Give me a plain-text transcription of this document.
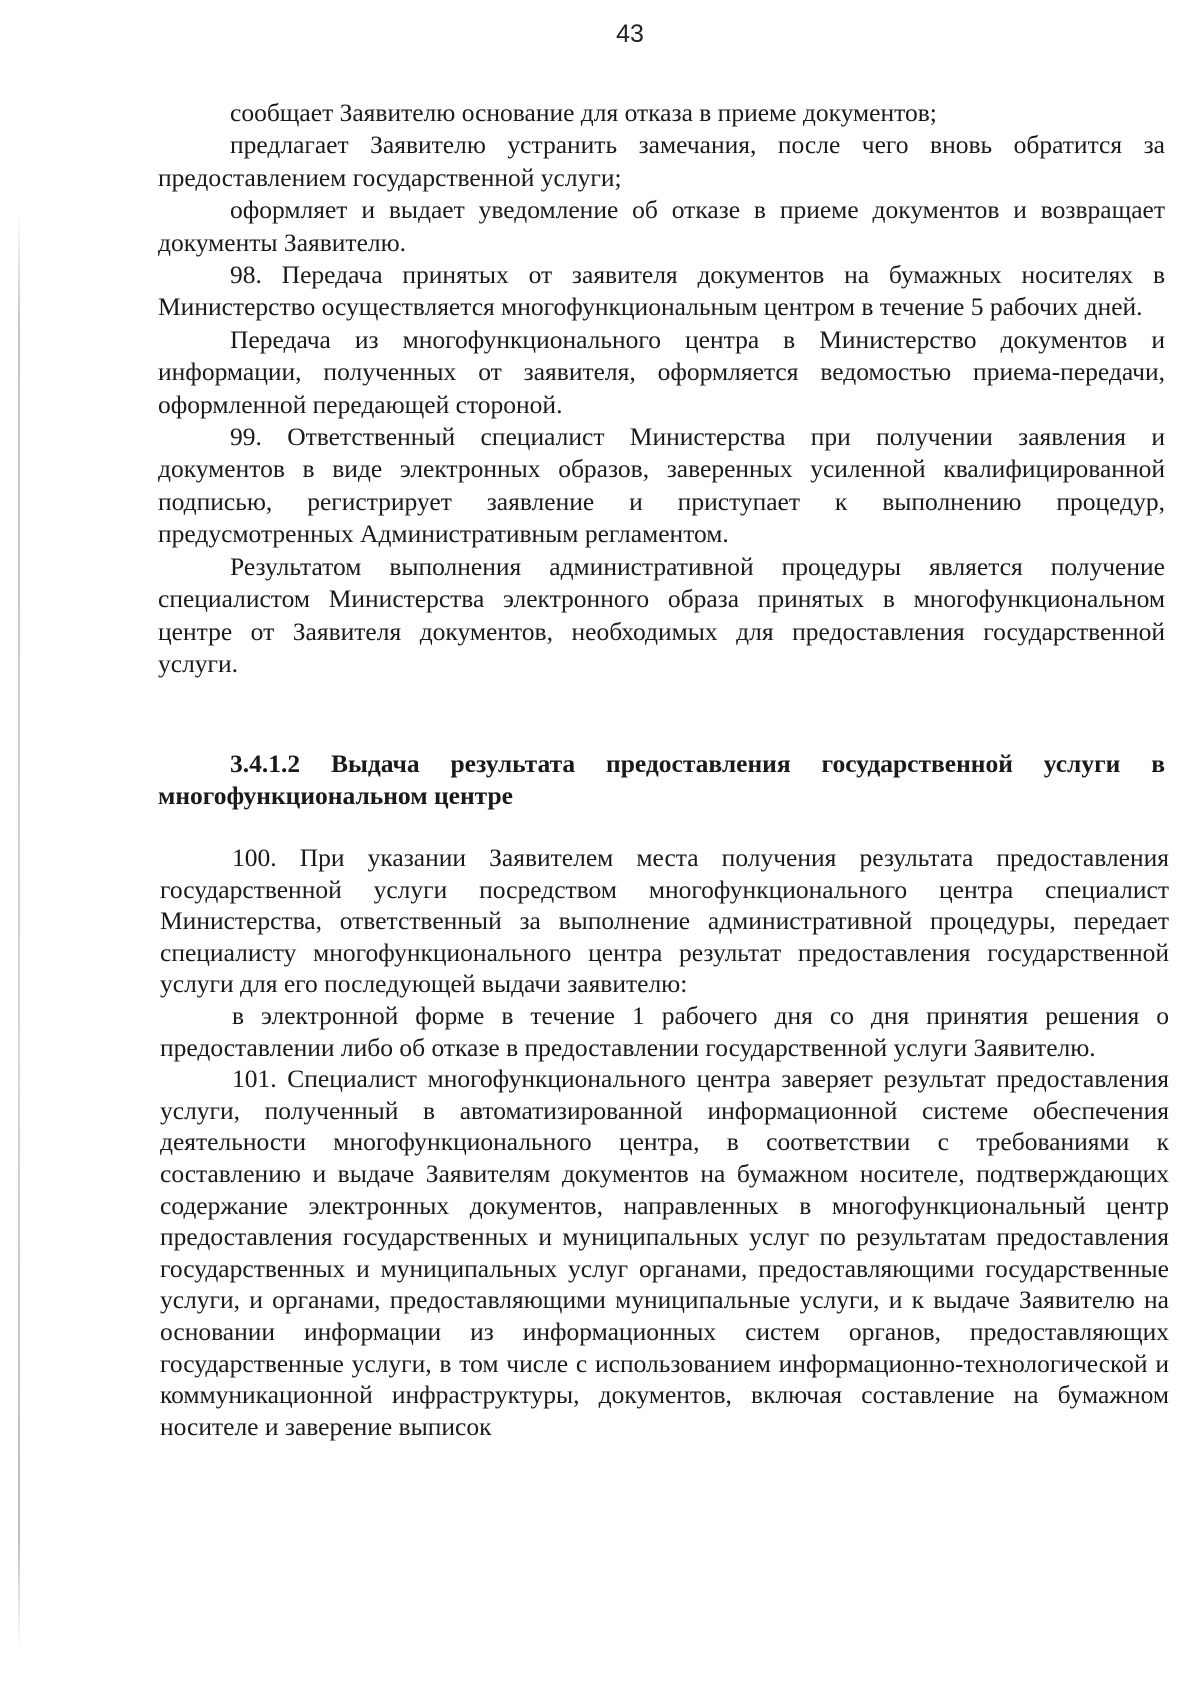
43

сообщает Заявителю основание для отказа в приеме документов;

предлагает Заявителю устранить замечания, после чего вновь обратится за предоставлением государственной услуги;

оформляет и выдает уведомление об отказе в приеме документов и возвращает документы Заявителю.

98. Передача принятых от заявителя документов на бумажных носителях в Министерство осуществляется многофункциональным центром в течение 5 рабочих дней.

Передача из многофункционального центра в Министерство документов и информации, полученных от заявителя, оформляется ведомостью приема-передачи, оформленной передающей стороной.

99. Ответственный специалист Министерства при получении заявления и документов в виде электронных образов, заверенных усиленной квалифицированной подписью, регистрирует заявление и приступает к выполнению процедур, предусмотренных Административным регламентом.

Результатом выполнения административной процедуры является получение специалистом Министерства электронного образа принятых в многофункциональном центре от Заявителя документов, необходимых для предоставления государственной услуги.

3.4.1.2 Выдача результата предоставления государственной услуги в многофункциональном центре

100. При указании Заявителем места получения результата предоставления государственной услуги посредством многофункционального центра специалист Министерства, ответственный за выполнение административной процедуры, передает специалисту многофункционального центра результат предоставления государственной услуги для его последующей выдачи заявителю:

в электронной форме в течение 1 рабочего дня со дня принятия решения о предоставлении либо об отказе в предоставлении государственной услуги Заявителю.

101. Специалист многофункционального центра заверяет результат предоставления услуги, полученный в автоматизированной информационной системе обеспечения деятельности многофункционального центра, в соответствии с требованиями к составлению и выдаче Заявителям документов на бумажном носителе, подтверждающих содержание электронных документов, направленных в многофункциональный центр предоставления государственных и муниципальных услуг по результатам предоставления государственных и муниципальных услуг органами, предоставляющими государственные услуги, и органами, предоставляющими муниципальные услуги, и к выдаче Заявителю на основании информации из информационных систем органов, предоставляющих государственные услуги, в том числе с использованием информационно-технологической и коммуникационной инфраструктуры, документов, включая составление на бумажном носителе и заверение выписок
